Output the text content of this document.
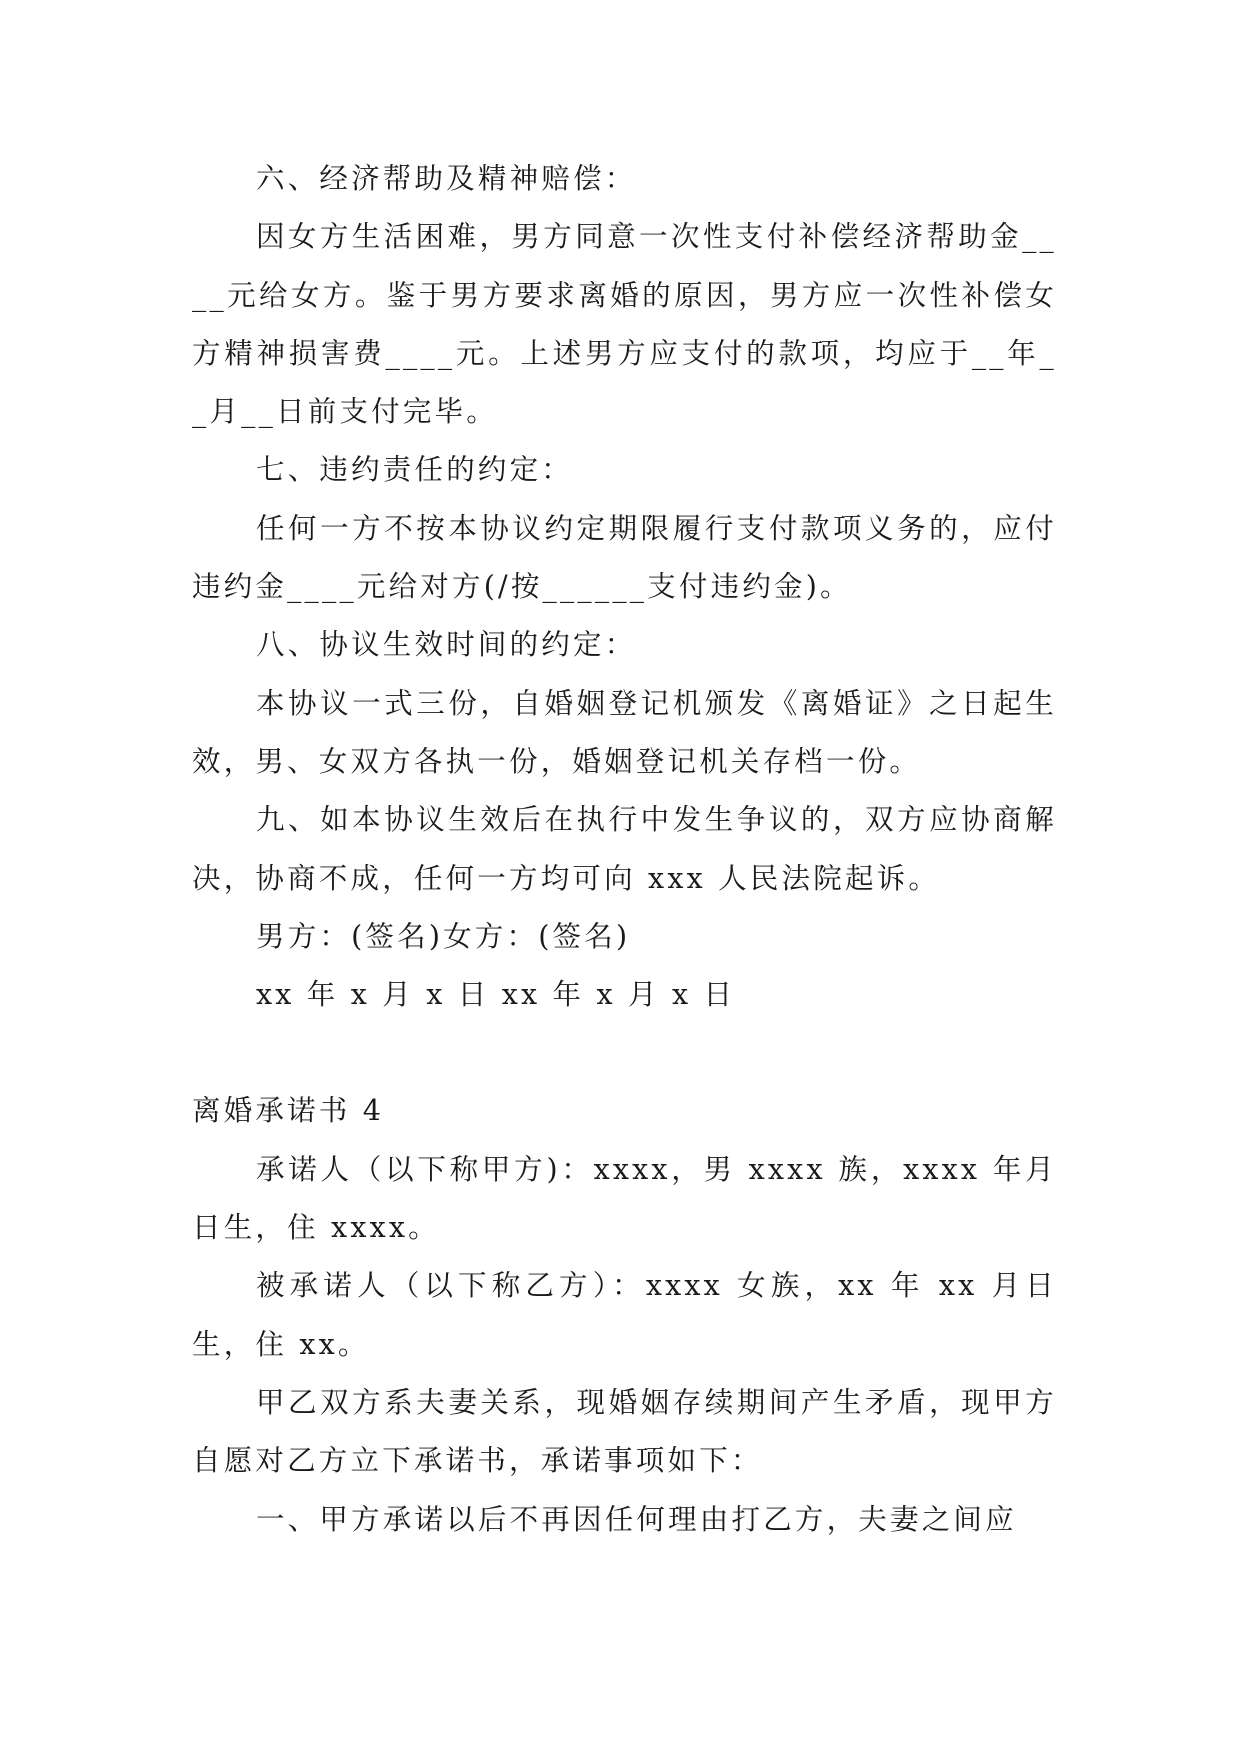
六、经济帮助及精神赔偿：

因女方生活困难，男方同意一次性支付补偿经济帮助金____元给女方。鉴于男方要求离婚的原因，男方应一次性补偿女方精神损害费____元。上述男方应支付的款项，均应于__年__月__日前支付完毕。

七、违约责任的约定：

任何一方不按本协议约定期限履行支付款项义务的，应付违约金____元给对方(/按______支付违约金)。

八、协议生效时间的约定：

本协议一式三份，自婚姻登记机颁发《离婚证》之日起生效，男、女双方各执一份，婚姻登记机关存档一份。

九、如本协议生效后在执行中发生争议的，双方应协商解决，协商不成，任何一方均可向 xxx 人民法院起诉。

男方：(签名)女方：(签名)

xx 年 x 月 x 日 xx 年 x 月 x 日

离婚承诺书 4

承诺人（以下称甲方)：xxxx，男 xxxx 族，xxxx 年月日生，住 xxxx。

被承诺人（以下称乙方）：xxxx 女族，xx 年 xx 月日生，住 xx。

甲乙双方系夫妻关系，现婚姻存续期间产生矛盾，现甲方自愿对乙方立下承诺书，承诺事项如下：

一、甲方承诺以后不再因任何理由打乙方，夫妻之间应
